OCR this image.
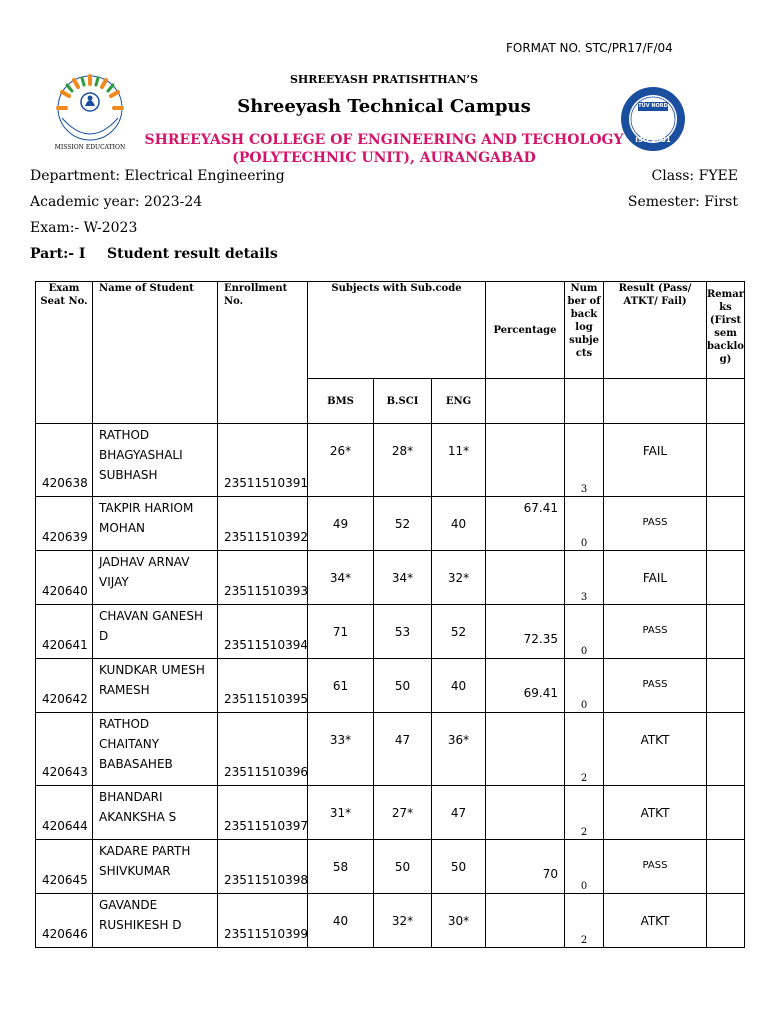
FORMAT NO. STC/PR17/F/04
MISSION EDUCATION
SHREEYASH PRATISHTHAN’S
Shreeyash Technical Campus
SHREEYASH COLLEGE OF ENGINEERING AND TECHOLOGY
(POLYTECHNIC UNIT), AURANGABAD
TÜV NORD
ISO 9001
Department: Electrical Engineering	Class: FYEE
Academic year: 2023-24	Semester: First
Exam:- W-2023
Part:- I Student result details
Exam Seat No.	Name of Student	Enrollment No.	Subjects with Sub.code			Percentage	Num ber of back log subje cts	Result (Pass/ ATKT/ Fail)	Remar ks (First sem backlo g)
			BMS	B.SCI	ENG				
420638	RATHOD
BHAGYASHALI
SUBHASH	23511510391	26*	28*	11*		3	FAIL	
420639	TAKPIR HARIOM
MOHAN	23511510392	49	52	40	67.41	0	PASS	
420640	JADHAV ARNAV
VIJAY	23511510393	34*	34*	32*		3	FAIL	
420641	CHAVAN GANESH
D	23511510394	71	53	52	72.35	0	PASS	
420642	KUNDKAR UMESH
RAMESH	23511510395	61	50	40	69.41	0	PASS	
420643	RATHOD
CHAITANY
BABASAHEB	23511510396	33*	47	36*		2	ATKT	
420644	BHANDARI
AKANKSHA S	23511510397	31*	27*	47		2	ATKT	
420645	KADARE PARTH
SHIVKUMAR	23511510398	58	50	50	70	0	PASS	
420646	GAVANDE
RUSHIKESH D	23511510399	40	32*	30*		2	ATKT	
